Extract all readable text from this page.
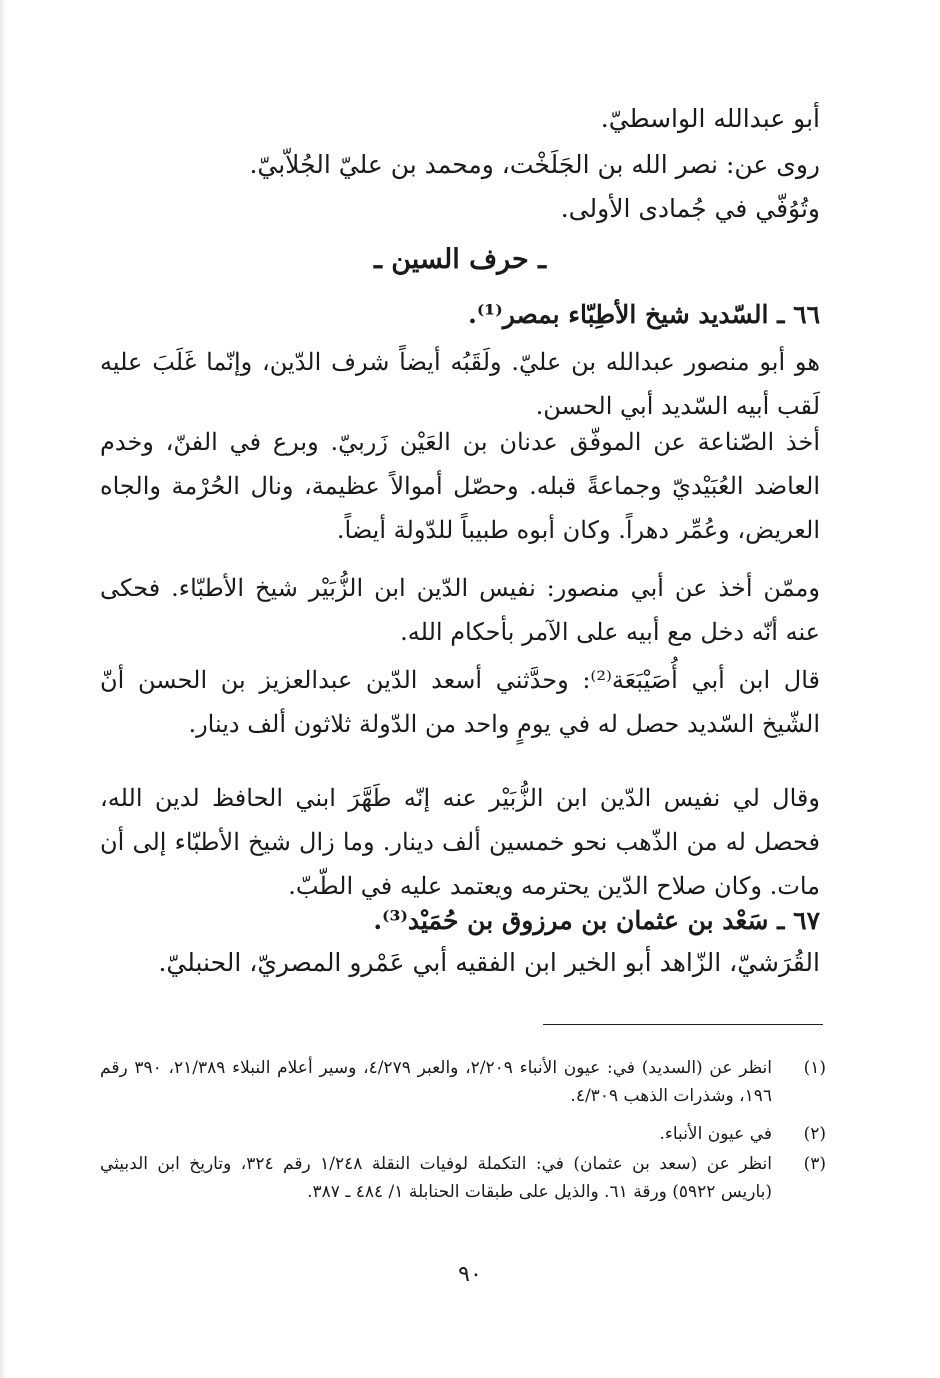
أبو عبدالله الواسطيّ.
روى عن: نصر الله بن الجَلَخْت، ومحمد بن عليّ الجُلاّبيّ.
وتُوُفّي في جُمادى الأولى.
ـ حرف السين ـ
٦٦ ـ السّديد شيخ الأطِبّاء بمصر⁽¹⁾.
هو أبو منصور عبدالله بن عليّ. ولَقَبُه أيضاً شرف الدّين، وإنّما غَلَبَ عليه لَقب أبيه السّديد أبي الحسن.
أخذ الصّناعة عن الموفّق عدنان بن العَيْن زَربيّ. وبرع في الفنّ، وخدم العاضد العُبَيْديّ وجماعةً قبله. وحصّل أموالاً عظيمة، ونال الحُرْمة والجاه العريض، وعُمِّر دهراً. وكان أبوه طبيباً للدّولة أيضاً.
وممّن أخذ عن أبي منصور: نفيس الدّين ابن الزُّبَيْر شيخ الأطبّاء. فحكى عنه أنّه دخل مع أبيه على الآمر بأحكام الله.
قال ابن أبي أُصَيْبَعَة⁽²⁾: وحدَّثني أسعد الدّين عبدالعزيز بن الحسن أنّ الشّيخ السّديد حصل له في يومٍ واحد من الدّولة ثلاثون ألف دينار.
وقال لي نفيس الدّين ابن الزُّبَيْر عنه إنّه طَهَّرَ ابني الحافظ لدين الله، فحصل له من الذّهب نحو خمسين ألف دينار. وما زال شيخ الأطبّاء إلى أن مات. وكان صلاح الدّين يحترمه ويعتمد عليه في الطّبّ.
٦٧ ـ سَعْد بن عثمان بن مرزوق بن حُمَيْد⁽³⁾.
القُرَشيّ، الزّاهد أبو الخير ابن الفقيه أبي عَمْرو المصريّ، الحنبليّ.
(١)
انظر عن (السديد) في: عيون الأنباء ٢/٢٠٩، والعبر ٤/٢٧٩، وسير أعلام النبلاء ٢١/٣٨٩، ٣٩٠ رقم ١٩٦، وشذرات الذهب ٤/٣٠٩.
(٢)
في عيون الأنباء.
(٣)
انظر عن (سعد بن عثمان) في: التكملة لوفيات النقلة ١/٢٤٨ رقم ٣٢٤، وتاريخ ابن الدبيثي (باريس ٥٩٢٢) ورقة ٦١. والذيل على طبقات الحنابلة ١/ ٤٨٤ ـ ٣٨٧.
٩٠
